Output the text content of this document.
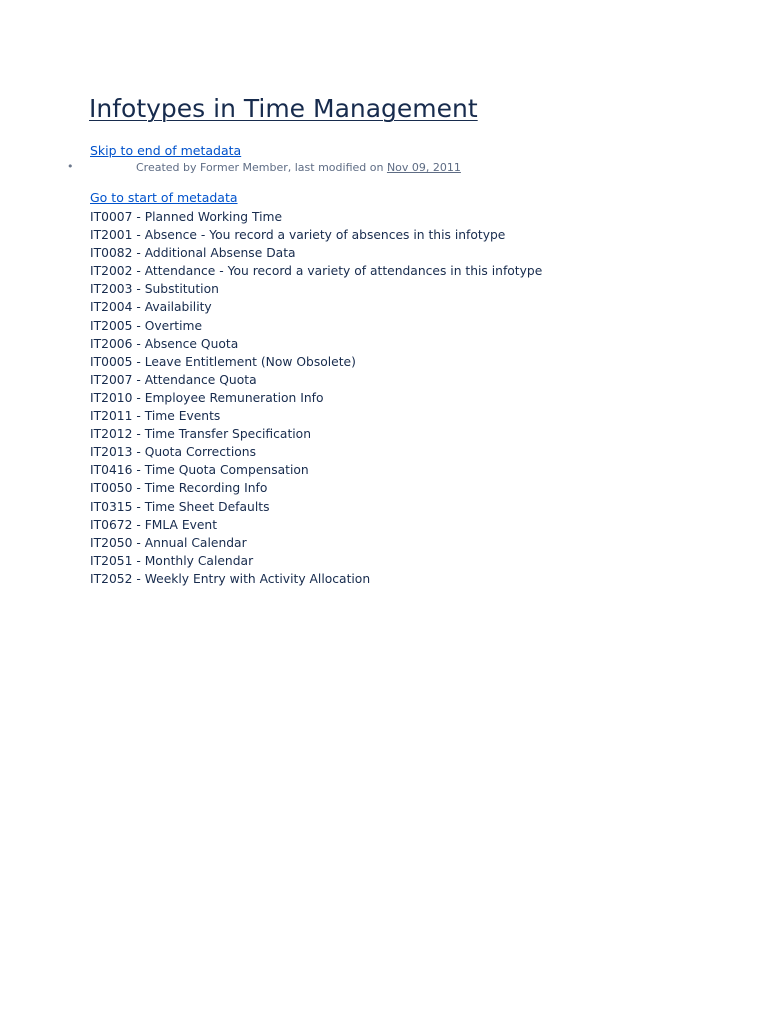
Infotypes in Time Management
Skip to end of metadata
•	Created by Former Member, last modified on Nov 09, 2011
Go to start of metadata
IT0007 - Planned Working Time
IT2001 - Absence - You record a variety of absences in this infotype
IT0082 - Additional Absense Data
IT2002 - Attendance - You record a variety of attendances in this infotype
IT2003 - Substitution
IT2004 - Availability
IT2005 - Overtime
IT2006 - Absence Quota
IT0005 - Leave Entitlement (Now Obsolete)
IT2007 - Attendance Quota
IT2010 - Employee Remuneration Info
IT2011 - Time Events
IT2012 - Time Transfer Specification
IT2013 - Quota Corrections
IT0416 - Time Quota Compensation
IT0050 - Time Recording Info
IT0315 - Time Sheet Defaults
IT0672 - FMLA Event
IT2050 - Annual Calendar
IT2051 - Monthly Calendar
IT2052 - Weekly Entry with Activity Allocation
